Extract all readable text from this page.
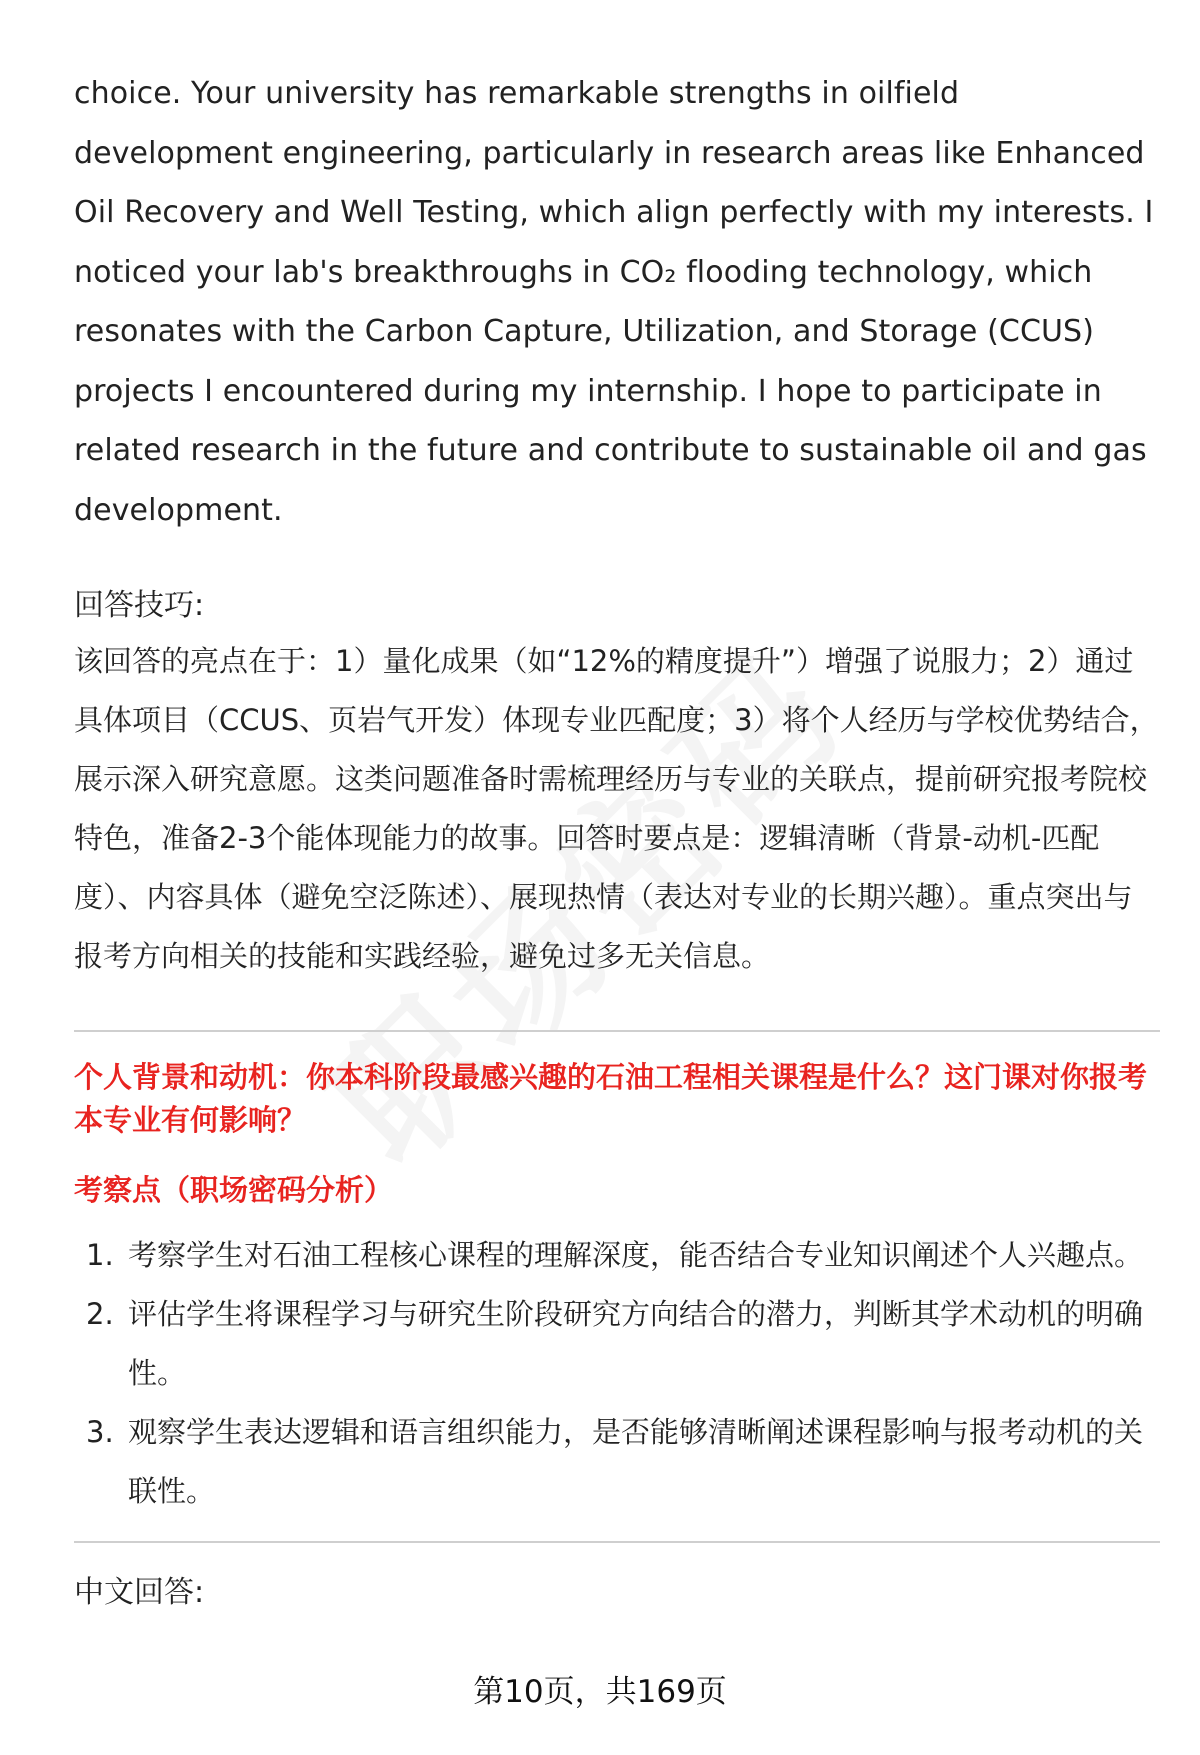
choice. Your university has remarkable strengths in oilfield development engineering, particularly in research areas like Enhanced Oil Recovery and Well Testing, which align perfectly with my interests. I noticed your lab's breakthroughs in CO₂ flooding technology, which resonates with the Carbon Capture, Utilization, and Storage (CCUS) projects I encountered during my internship. I hope to participate in related research in the future and contribute to sustainable oil and gas development.

回答技巧:

该回答的亮点在于：1）量化成果（如“12%的精度提升”）增强了说服力；2）通过具体项目（CCUS、页岩气开发）体现专业匹配度；3）将个人经历与学校优势结合，展示深入研究意愿。这类问题准备时需梳理经历与专业的关联点，提前研究报考院校特色，准备2-3个能体现能力的故事。回答时要点是：逻辑清晰（背景-动机-匹配度）、内容具体（避免空泛陈述）、展现热情（表达对专业的长期兴趣）。重点突出与报考方向相关的技能和实践经验，避免过多无关信息。

个人背景和动机：你本科阶段最感兴趣的石油工程相关课程是什么？这门课对你报考本专业有何影响？
考察点（职场密码分析）
1. 考察学生对石油工程核心课程的理解深度，能否结合专业知识阐述个人兴趣点。
2. 评估学生将课程学习与研究生阶段研究方向结合的潜力，判断其学术动机的明确性。
3. 观察学生表达逻辑和语言组织能力，是否能够清晰阐述课程影响与报考动机的关联性。
中文回答:
第10页，共169页
